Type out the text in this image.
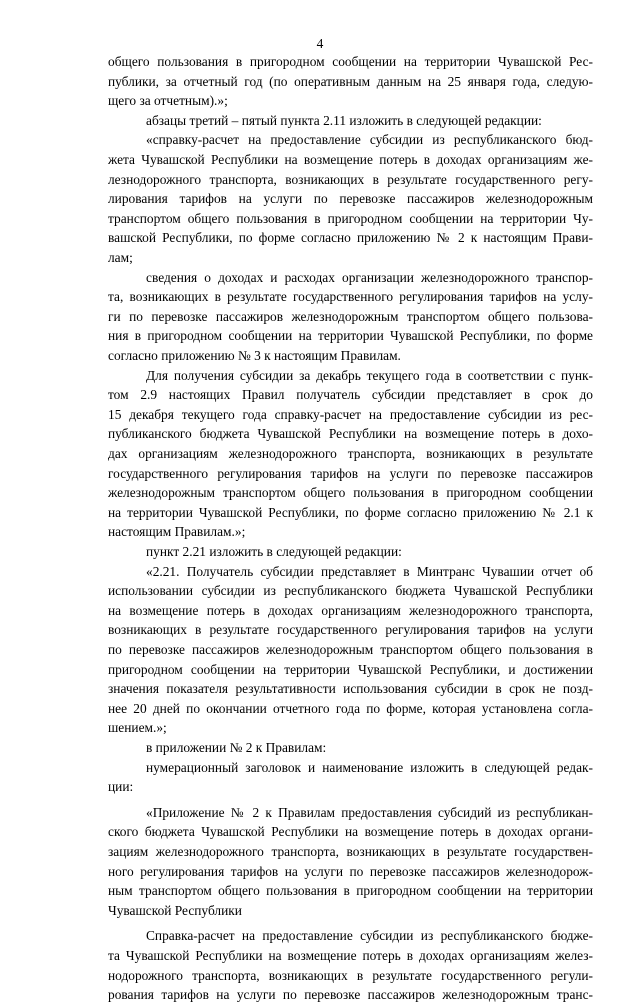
4
общего пользования в пригородном сообщении на территории Чувашской Рес-
публики, за отчетный год (по оперативным данным на 25 января года, следую-
щего за отчетным).»;
абзацы третий – пятый пункта 2.11 изложить в следующей редакции:
«справку-расчет на предоставление субсидии из республиканского бюд-
жета Чувашской Республики на возмещение потерь в доходах организациям же-
лезнодорожного транспорта, возникающих в результате государственного регу-
лирования тарифов на услуги по перевозке пассажиров железнодорожным
транспортом общего пользования в пригородном сообщении на территории Чу-
вашской Республики, по форме согласно приложению № 2 к настоящим Прави-
лам;
сведения о доходах и расходах организации железнодорожного транспор-
та, возникающих в результате государственного регулирования тарифов на услу-
ги по перевозке пассажиров железнодорожным транспортом общего пользова-
ния в пригородном сообщении на территории Чувашской Республики, по форме
согласно приложению № 3 к настоящим Правилам.
Для получения субсидии за декабрь текущего года в соответствии с пунк-
том 2.9 настоящих Правил получатель субсидии представляет в срок до
15 декабря текущего года справку-расчет на предоставление субсидии из рес-
публиканского бюджета Чувашской Республики на возмещение потерь в дохо-
дах организациям железнодорожного транспорта, возникающих в результате
государственного регулирования тарифов на услуги по перевозке пассажиров
железнодорожным транспортом общего пользования в пригородном сообщении
на территории Чувашской Республики, по форме согласно приложению № 2.1 к
настоящим Правилам.»;
пункт 2.21 изложить в следующей редакции:
«2.21. Получатель субсидии представляет в Минтранс Чувашии отчет об
использовании субсидии из республиканского бюджета Чувашской Республики
на возмещение потерь в доходах организациям железнодорожного транспорта,
возникающих в результате государственного регулирования тарифов на услуги
по перевозке пассажиров железнодорожным транспортом общего пользования в
пригородном сообщении на территории Чувашской Республики, и достижении
значения показателя результативности использования субсидии в срок не позд-
нее 20 дней по окончании отчетного года по форме, которая установлена согла-
шением.»;
в приложении № 2 к Правилам:
нумерационный заголовок и наименование изложить в следующей редак-
ции:
«Приложение № 2 к Правилам предоставления субсидий из республикан-
ского бюджета Чувашской Республики на возмещение потерь в доходах органи-
зациям железнодорожного транспорта, возникающих в результате государствен-
ного регулирования тарифов на услуги по перевозке пассажиров железнодорож-
ным транспортом общего пользования в пригородном сообщении на территории
Чувашской Республики
Справка-расчет на предоставление субсидии из республиканского бюдже-
та Чувашской Республики на возмещение потерь в доходах организациям желез-
нодорожного транспорта, возникающих в результате государственного регули-
рования тарифов на услуги по перевозке пассажиров железнодорожным транс-
